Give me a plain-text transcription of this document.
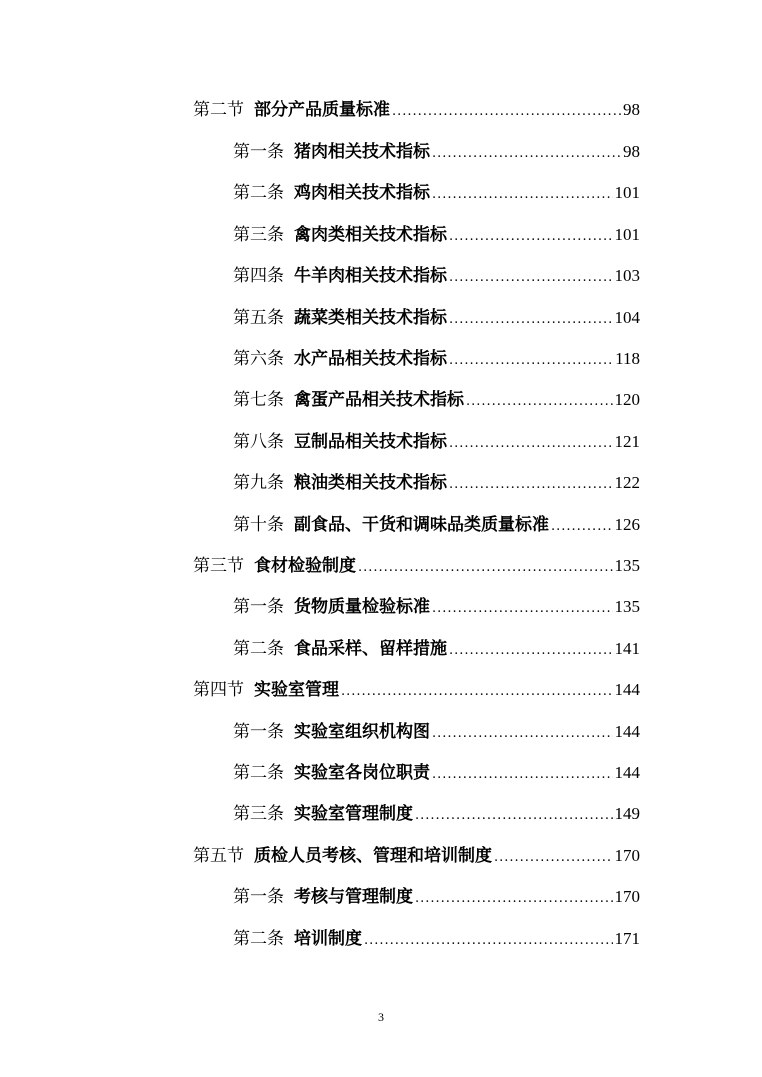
第二节 部分产品质量标准 .....	98
第一条 猪肉相关技术指标 .....	98
第二条 鸡肉相关技术指标 .....	101
第三条 禽肉类相关技术指标 .....	101
第四条 牛羊肉相关技术指标 .....	103
第五条 蔬菜类相关技术指标 .....	104
第六条 水产品相关技术指标 .....	118
第七条 禽蛋产品相关技术指标 .....	120
第八条 豆制品相关技术指标 .....	121
第九条 粮油类相关技术指标 .....	122
第十条 副食品、干货和调味品类质量标准 .....	126
第三节 食材检验制度 .....	135
第一条 货物质量检验标准 .....	135
第二条 食品采样、留样措施 .....	141
第四节 实验室管理 .....	144
第一条 实验室组织机构图 .....	144
第二条 实验室各岗位职责 .....	144
第三条 实验室管理制度 .....	149
第五节 质检人员考核、管理和培训制度 .....	170
第一条 考核与管理制度 .....	170
第二条 培训制度 .....	171
3
